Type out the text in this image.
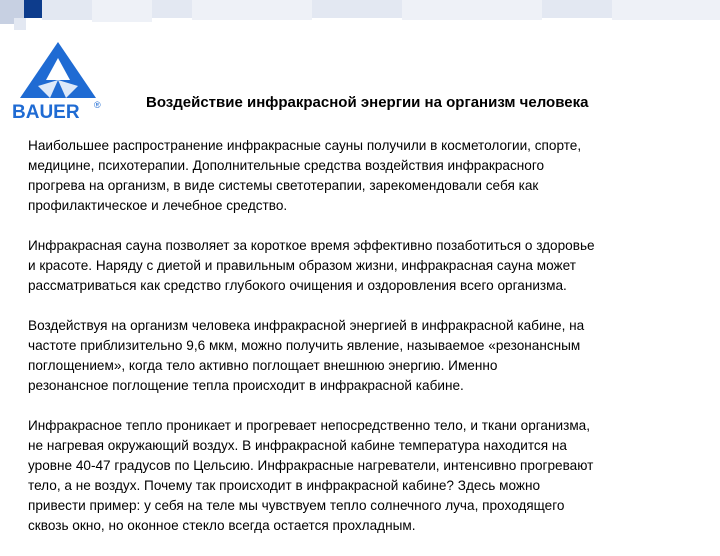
BAUER ®	Воздействие инфракрасной энергии на организм человека
Наибольшее распространение инфракрасные сауны получили в косметологии, спорте,
медицине, психотерапии. Дополнительные средства воздействия инфракрасного
прогрева на организм, в виде системы светотерапии, зарекомендовали себя как
профилактическое и лечебное средство.
Инфракрасная сауна позволяет за короткое время эффективно позаботиться о здоровье
и красоте. Наряду с диетой и правильным образом жизни, инфракрасная сауна может
рассматриваться как средство глубокого очищения и оздоровления всего организма.
Воздействуя на организм человека инфракрасной энергией в инфракрасной кабине, на
частоте приблизительно 9,6 мкм, можно получить явление, называемое «резонансным
поглощением», когда тело активно поглощает внешнюю энергию. Именно
резонансное поглощение тепла происходит в инфракрасной кабине.
Инфракрасное тепло проникает и прогревает непосредственно тело, и ткани организма,
не нагревая окружающий воздух. В инфракрасной кабине температура находится на
уровне 40-47 градусов по Цельсию. Инфракрасные нагреватели, интенсивно прогревают
тело, а не воздух. Почему так происходит в инфракрасной кабине? Здесь можно
привести пример: у себя на теле мы чувствуем тепло солнечного луча, проходящего
сквозь окно, но оконное стекло всегда остается прохладным.
